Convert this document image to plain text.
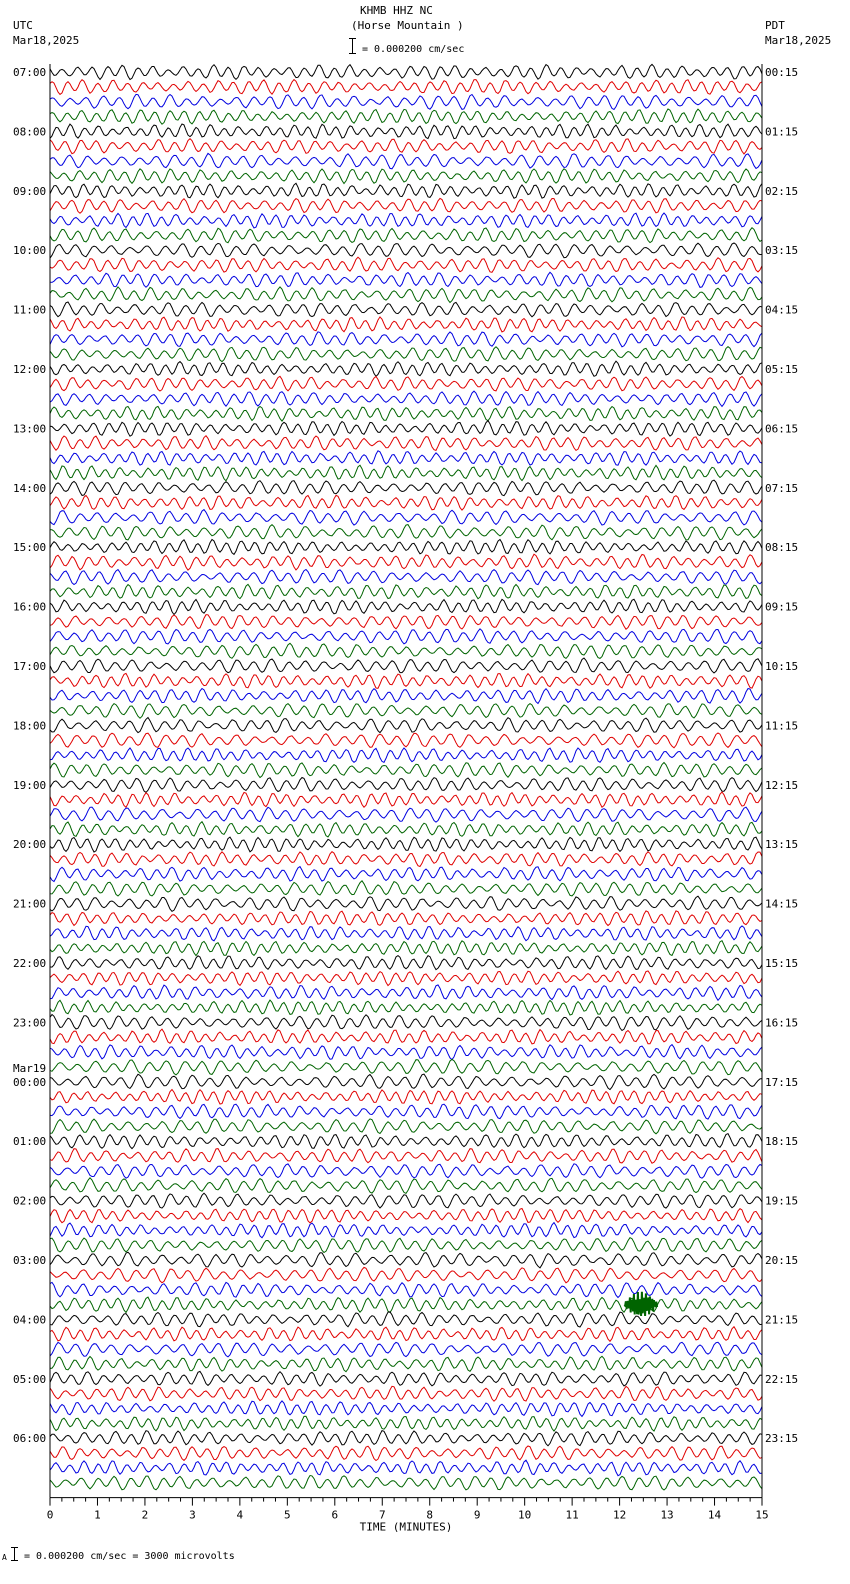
KHMB HHZ NC
(Horse Mountain )
= 0.000200 cm/sec
UTC
Mar18,2025
PDT
Mar18,2025
0	1	2	3	4	5	6	7	8	9	10	11	12	13	14	15
TIME (MINUTES)
07:00	00:15
08:00	01:15
09:00	02:15
10:00	03:15
11:00	04:15
12:00	05:15
13:00	06:15
14:00	07:15
15:00	08:15
16:00	09:15
17:00	10:15
18:00	11:15
19:00	12:15
20:00	13:15
21:00	14:15
22:00	15:15
23:00	16:15
00:00	17:15
01:00	18:15
02:00	19:15
03:00	20:15
04:00	21:15
05:00	22:15
06:00	23:15
Mar19
A = 0.000200 cm/sec = 3000 microvolts
